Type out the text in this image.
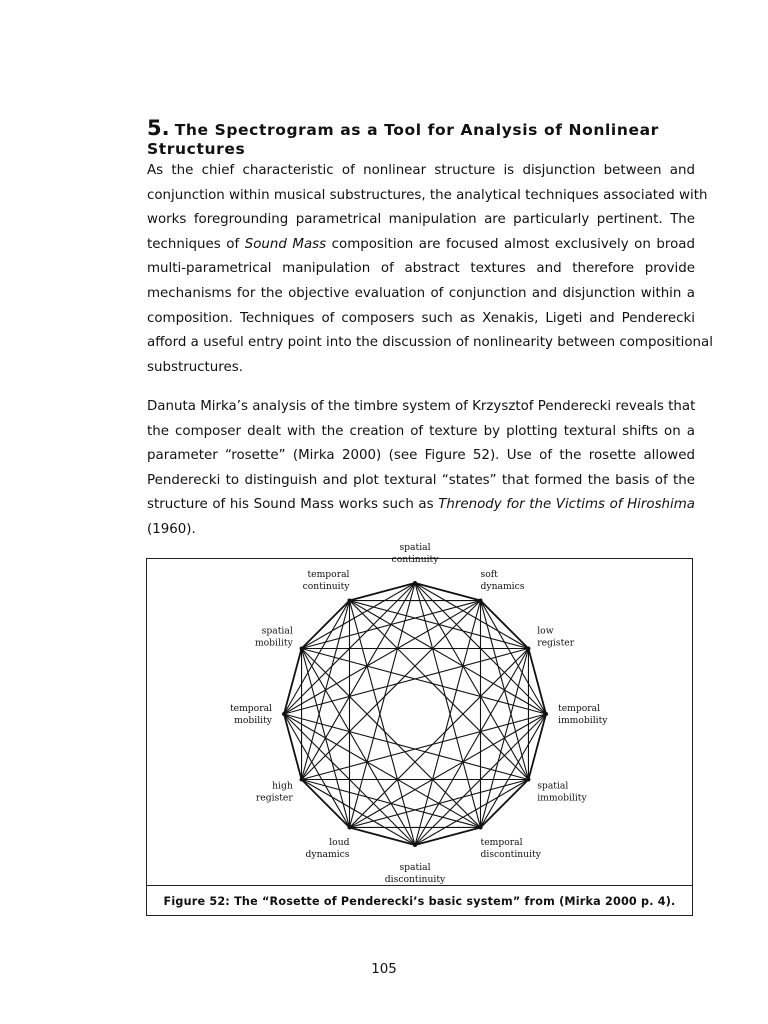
5. The Spectrogram as a Tool for Analysis of Nonlinear
Structures
As the chief characteristic of nonlinear structure is disjunction between and
conjunction within musical substructures, the analytical techniques associated with
works foregrounding parametrical manipulation are particularly pertinent. The
techniques of Sound Mass composition are focused almost exclusively on broad
multi-parametrical manipulation of abstract textures and therefore provide
mechanisms for the objective evaluation of conjunction and disjunction within a
composition. Techniques of composers such as Xenakis, Ligeti and Penderecki
afford a useful entry point into the discussion of nonlinearity between compositional
substructures.
Danuta Mirka’s analysis of the timbre system of Krzysztof Penderecki reveals that
the composer dealt with the creation of texture by plotting textural shifts on a
parameter “rosette” (Mirka 2000) (see Figure 52). Use of the rosette allowed
Penderecki to distinguish and plot textural “states” that formed the basis of the
structure of his Sound Mass works such as Threnody for the Victims of Hiroshima
(1960).
spatial continuity
soft dynamics
low register
temporal immobility
spatial immobility
temporal discontinuity
spatial discontinuity
loud dynamics
high register
temporal mobility
spatial mobility
temporal continuity
Figure 52: The “Rosette of Penderecki’s basic system” from (Mirka 2000 p. 4).
105
